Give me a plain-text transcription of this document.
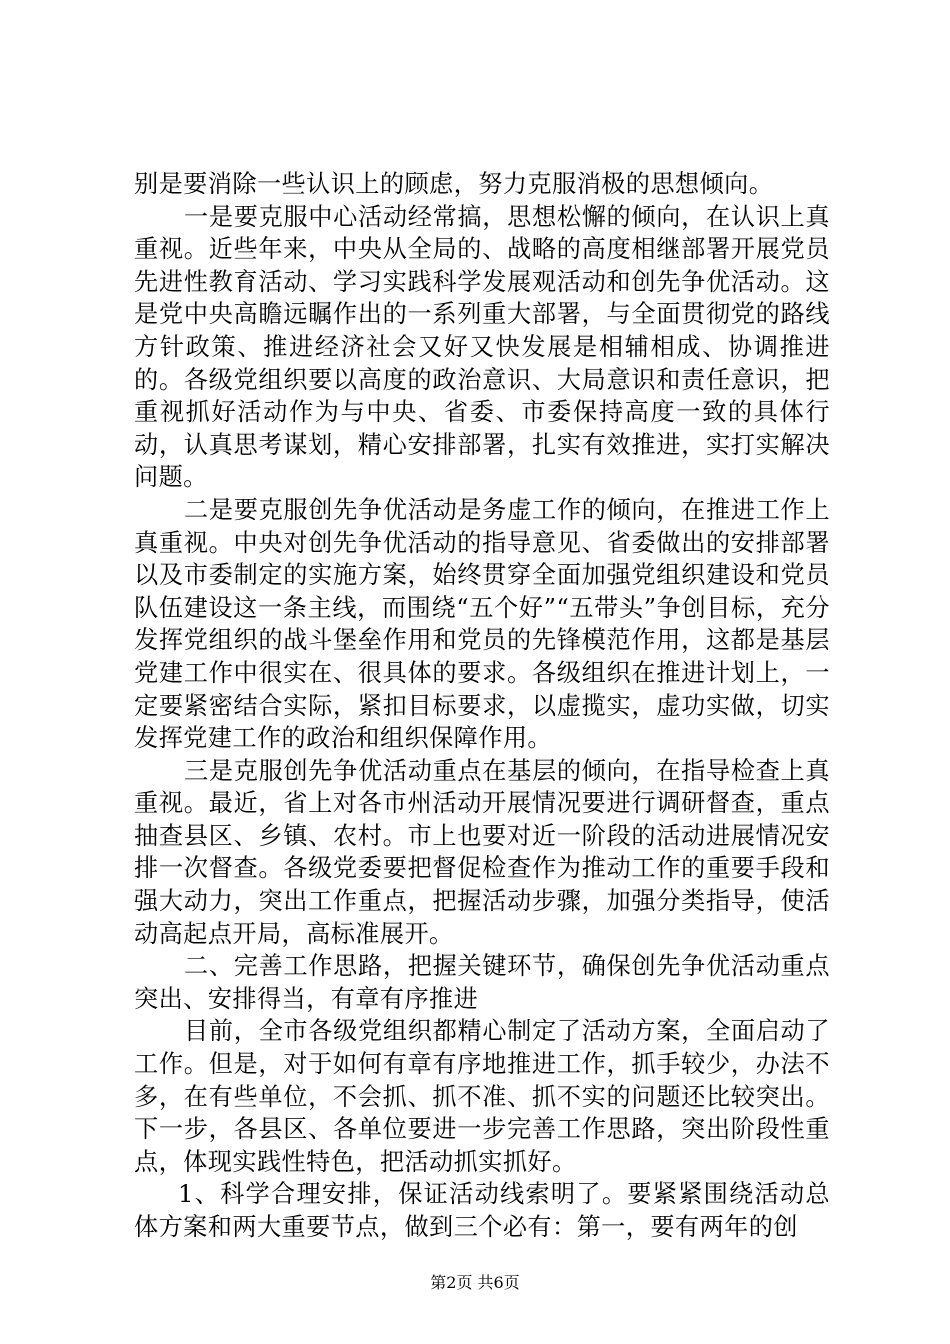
别是要消除一些认识上的顾虑，努力克服消极的思想倾向。

一是要克服中心活动经常搞，思想松懈的倾向，在认识上真重视。近些年来，中央从全局的、战略的高度相继部署开展党员先进性教育活动、学习实践科学发展观活动和创先争优活动。这是党中央高瞻远瞩作出的一系列重大部署，与全面贯彻党的路线方针政策、推进经济社会又好又快发展是相辅相成、协调推进的。各级党组织要以高度的政治意识、大局意识和责任意识，把重视抓好活动作为与中央、省委、市委保持高度一致的具体行动，认真思考谋划，精心安排部署，扎实有效推进，实打实解决问题。

二是要克服创先争优活动是务虚工作的倾向，在推进工作上真重视。中央对创先争优活动的指导意见、省委做出的安排部署以及市委制定的实施方案，始终贯穿全面加强党组织建设和党员队伍建设这一条主线，而围绕“五个好”“五带头”争创目标，充分发挥党组织的战斗堡垒作用和党员的先锋模范作用，这都是基层党建工作中很实在、很具体的要求。各级组织在推进计划上，一定要紧密结合实际，紧扣目标要求，以虚揽实，虚功实做，切实发挥党建工作的政治和组织保障作用。

三是克服创先争优活动重点在基层的倾向，在指导检查上真重视。最近，省上对各市州活动开展情况要进行调研督查，重点抽查县区、乡镇、农村。市上也要对近一阶段的活动进展情况安排一次督查。各级党委要把督促检查作为推动工作的重要手段和强大动力，突出工作重点，把握活动步骤，加强分类指导，使活动高起点开局，高标准展开。

二、完善工作思路，把握关键环节，确保创先争优活动重点突出、安排得当，有章有序推进

目前，全市各级党组织都精心制定了活动方案，全面启动了工作。但是，对于如何有章有序地推进工作，抓手较少，办法不多，在有些单位，不会抓、抓不准、抓不实的问题还比较突出。下一步，各县区、各单位要进一步完善工作思路，突出阶段性重点，体现实践性特色，把活动抓实抓好。

1、科学合理安排，保证活动线索明了。要紧紧围绕活动总体方案和两大重要节点，做到三个必有：第一，要有两年的创

第2页 共6页
